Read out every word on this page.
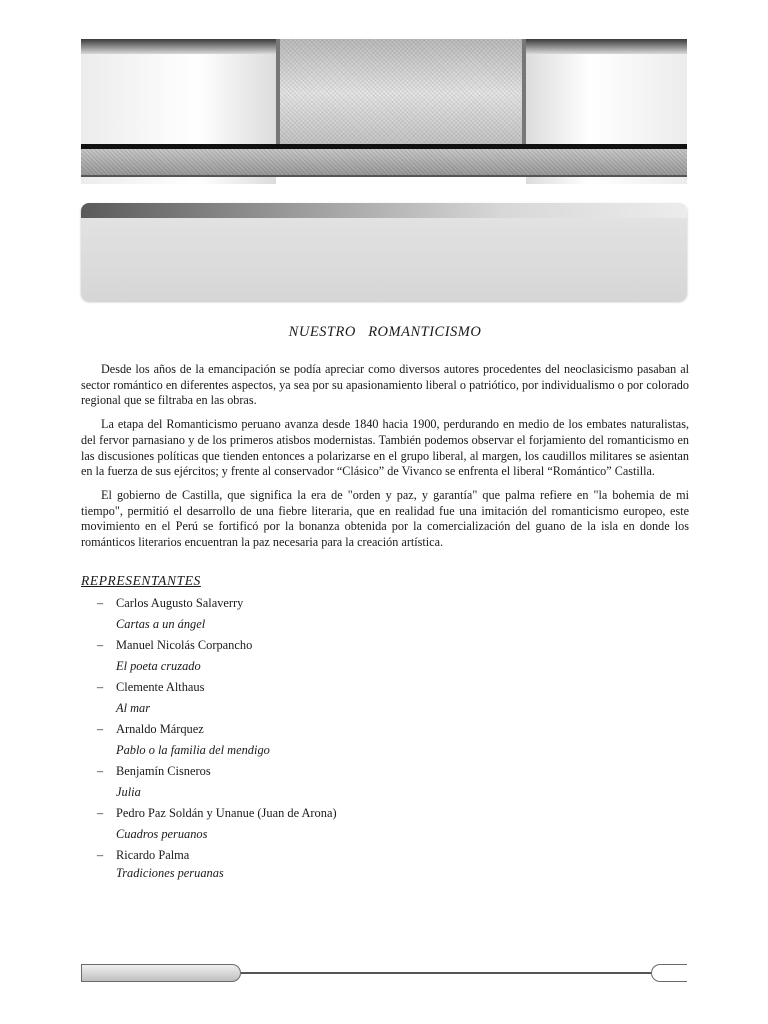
NUESTRO   ROMANTICISMO

Desde los años de la emancipación se podía apreciar como diversos autores procedentes del neoclasicismo pasaban al sector romántico en diferentes aspectos, ya sea por su apasionamiento liberal o patriótico, por individualismo o por colorado regional que se filtraba en las obras.

La etapa del Romanticismo peruano avanza desde 1840 hacia 1900, perdurando en medio de los embates naturalistas, del fervor parnasiano y de los primeros atisbos modernistas. También podemos observar el forjamiento del romanticismo en las discusiones políticas que tienden entonces a polarizarse en el grupo liberal, al margen, los caudillos militares se asientan en la fuerza de sus ejércitos; y frente al conservador “Clásico” de Vivanco se enfrenta el liberal “Romántico” Castilla.

El gobierno de Castilla, que significa la era de "orden y paz, y garantía" que palma refiere en "la bohemia de mi tiempo", permitió el desarrollo de una fiebre literaria, que en realidad fue una imitación del romanticismo europeo, este movimiento en el Perú se fortificó por la bonanza obtenida por la comercialización del guano de la isla en donde los románticos literarios encuentran la paz necesaria para la creación artística.

REPRESENTANTES
–	Carlos Augusto Salaverry
Cartas a un ángel
–	Manuel Nicolás Corpancho
El poeta cruzado
–	Clemente Althaus
Al mar
–	Arnaldo Márquez
Pablo o la familia del mendigo
–	Benjamín Cisneros
Julia
–	Pedro Paz Soldán y Unanue (Juan de Arona)
Cuadros peruanos
–	Ricardo Palma
Tradiciones peruanas
